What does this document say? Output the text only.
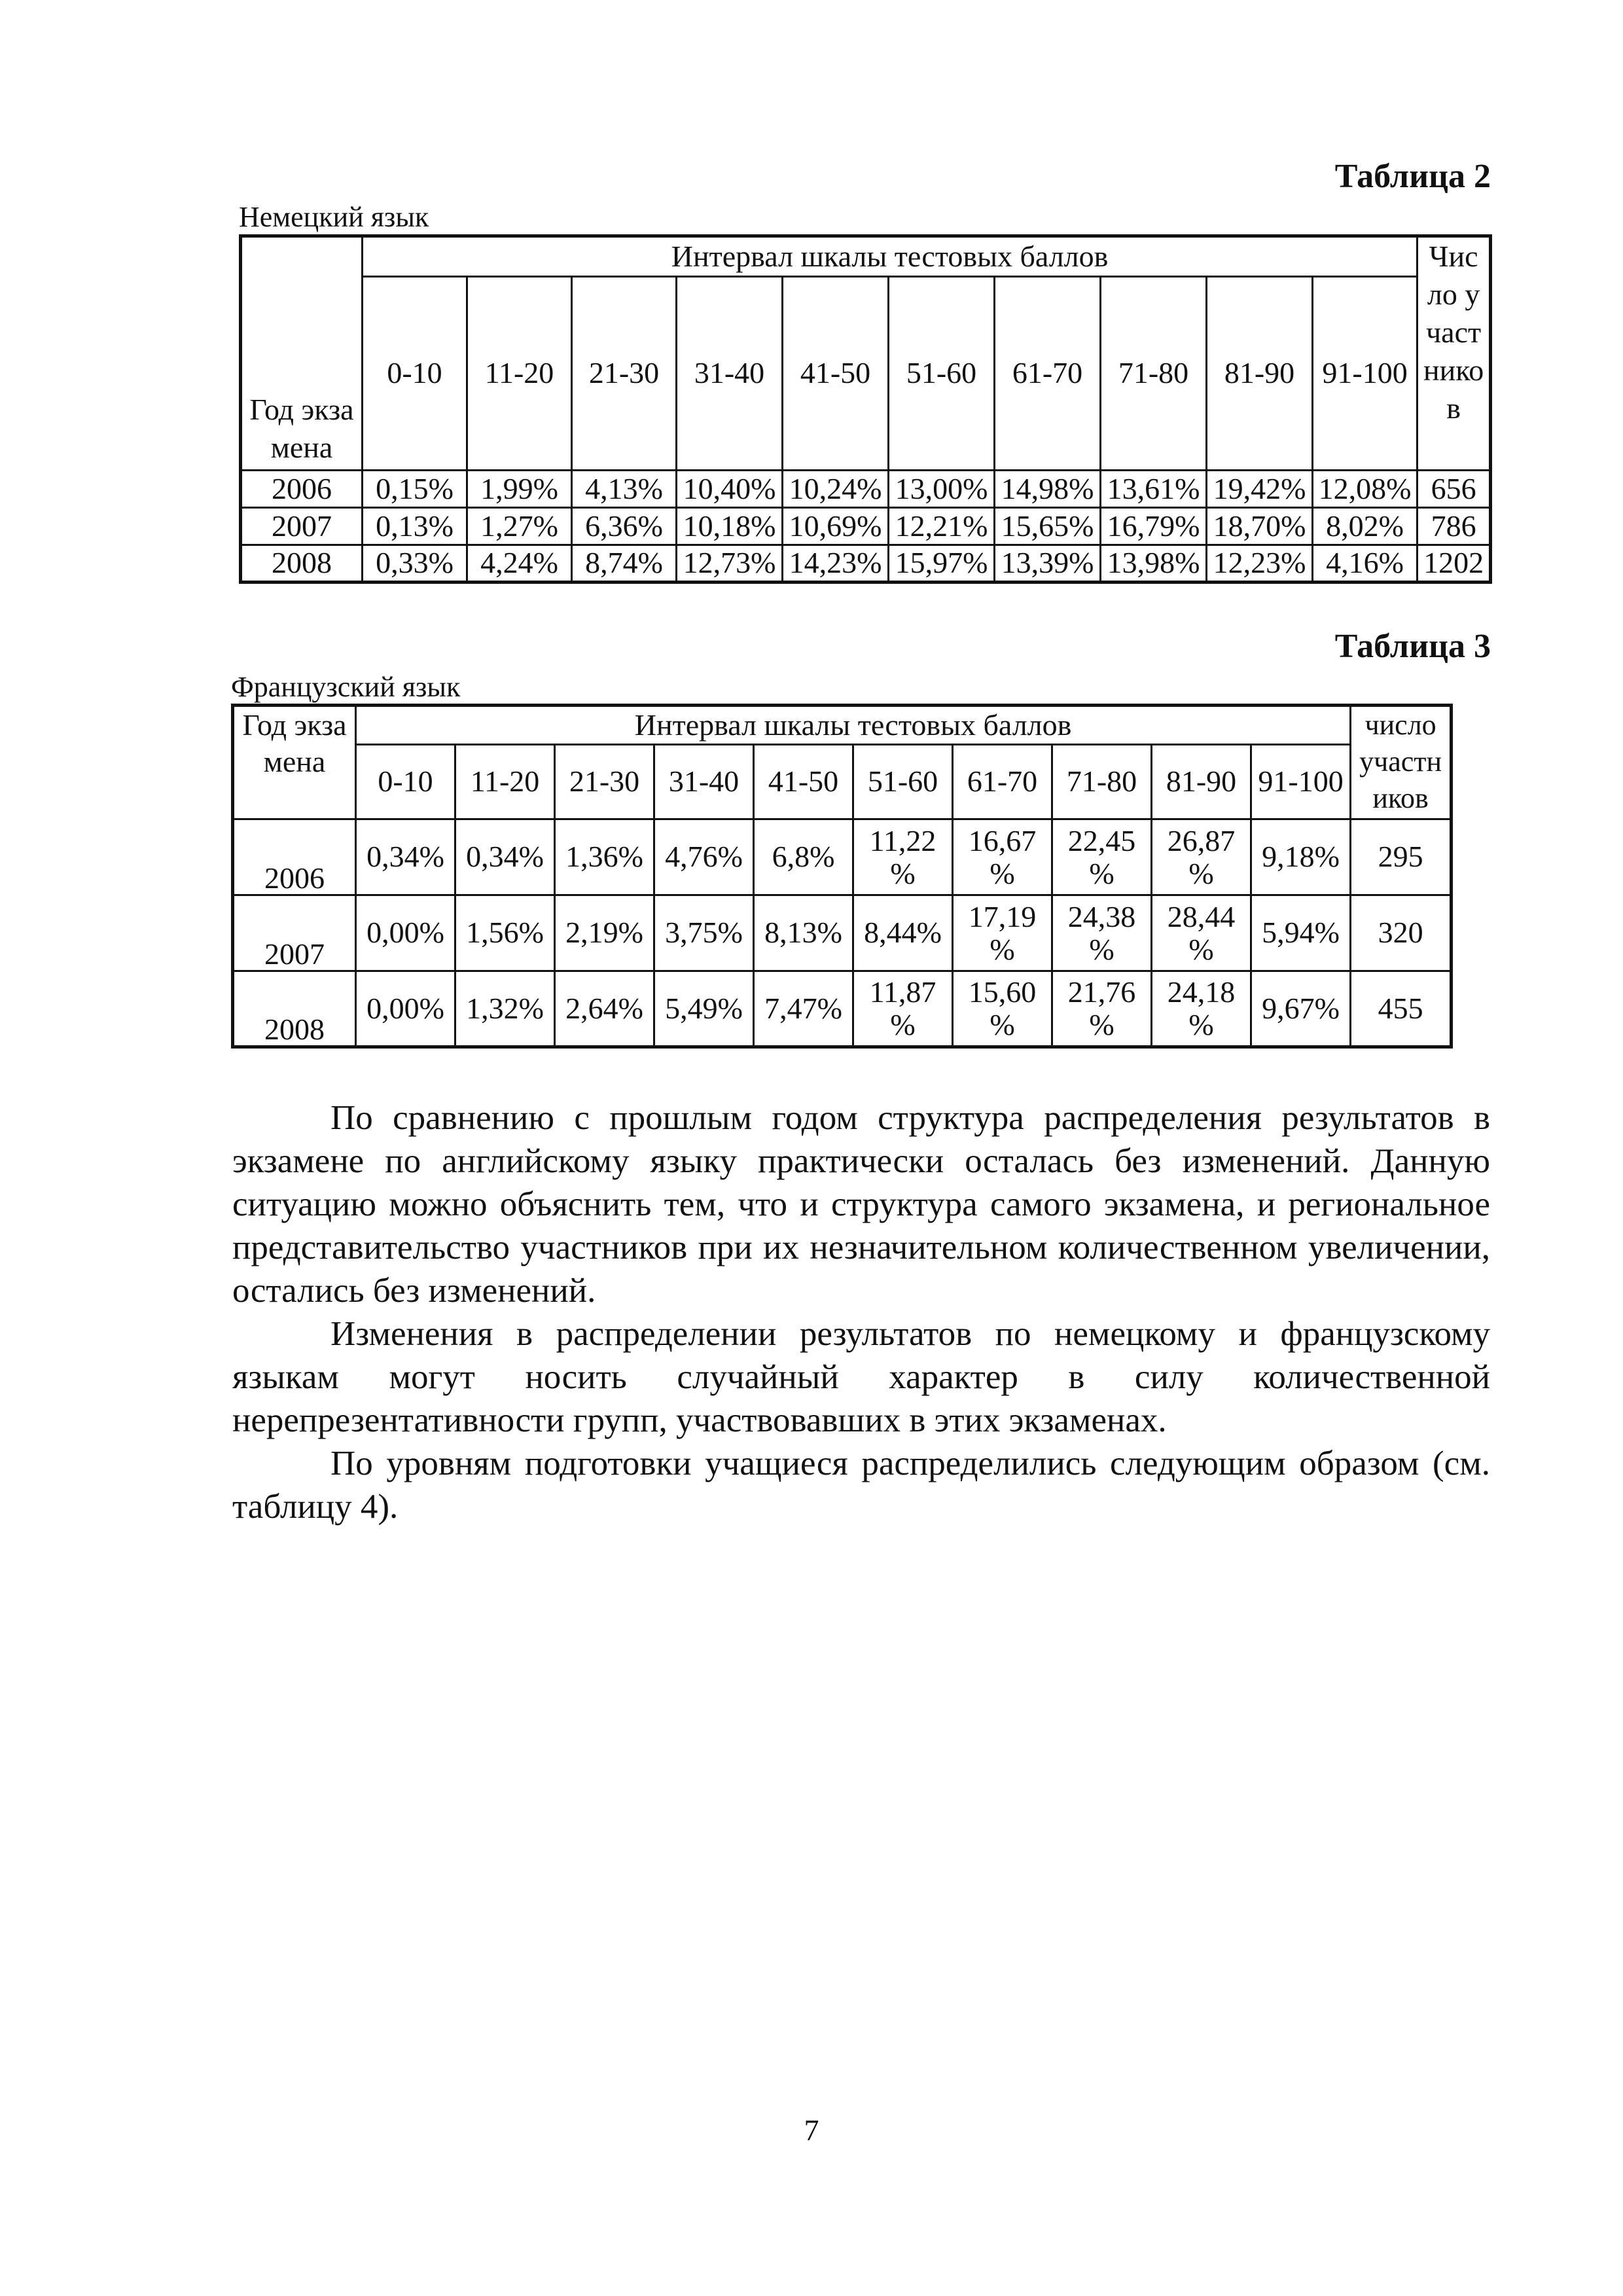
Таблица 2
Немецкий язык
Год экзамена	Интервал шкалы тестовых баллов										Число участников
	0-10	11-20	21-30	31-40	41-50	51-60	61-70	71-80	81-90	91-100	
2006	0,15%	1,99%	4,13%	10,40%	10,24%	13,00%	14,98%	13,61%	19,42%	12,08%	656
2007	0,13%	1,27%	6,36%	10,18%	10,69%	12,21%	15,65%	16,79%	18,70%	8,02%	786
2008	0,33%	4,24%	8,74%	12,73%	14,23%	15,97%	13,39%	13,98%	12,23%	4,16%	1202
Таблица 3
Французский язык
Год экзамена	Интервал шкалы тестовых баллов										число участников
	0-10	11-20	21-30	31-40	41-50	51-60	61-70	71-80	81-90	91-100	
2006	0,34%	0,34%	1,36%	4,76%	6,8%	11,22 %	16,67 %	22,45 %	26,87 %	9,18%	295
2007	0,00%	1,56%	2,19%	3,75%	8,13%	8,44%	17,19 %	24,38 %	28,44 %	5,94%	320
2008	0,00%	1,32%	2,64%	5,49%	7,47%	11,87 %	15,60 %	21,76 %	24,18 %	9,67%	455

По сравнению с прошлым годом структура распределения результатов в экзамене по английскому языку практически осталась без изменений. Данную ситуацию можно объяснить тем, что и структура самого экзамена, и региональное представительство участников при их незначительном количественном увеличении, остались без изменений.

Изменения в распределении результатов по немецкому и французскому языкам могут носить случайный характер в силу количественной нерепрезентативности групп, участвовавших в этих экзаменах.

По уровням подготовки учащиеся распределились следующим образом (см. таблицу 4).

7
